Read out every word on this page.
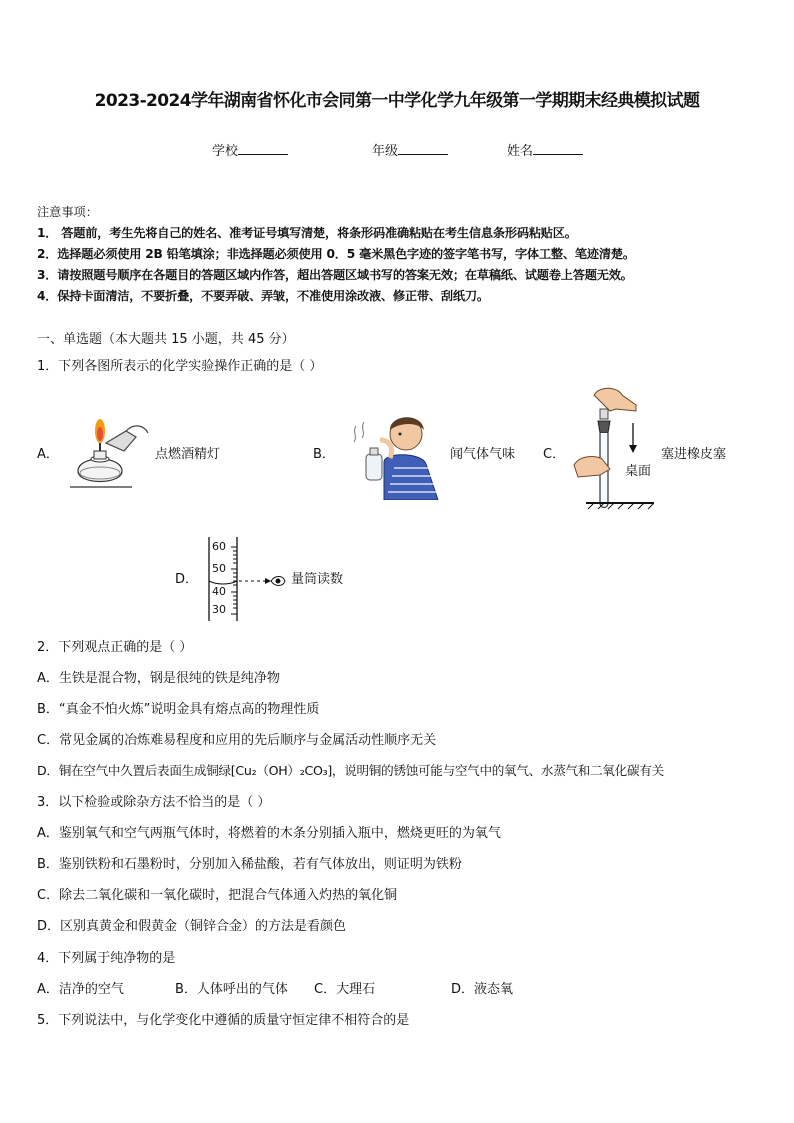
2023-2024学年湖南省怀化市会同第一中学化学九年级第一学期期末经典模拟试题
学校	年级	姓名
注意事项：
1． 答题前，考生先将自己的姓名、准考证号填写清楚，将条形码准确粘贴在考生信息条形码粘贴区。
2．选择题必须使用 2B 铅笔填涂；非选择题必须使用 0．5 毫米黑色字迹的签字笔书写，字体工整、笔迹清楚。
3．请按照题号顺序在各题目的答题区域内作答，超出答题区域书写的答案无效；在草稿纸、试题卷上答题无效。
4．保持卡面清洁，不要折叠，不要弄破、弄皱，不准使用涂改液、修正带、刮纸刀。
一、单选题（本大题共 15 小题，共 45 分）
1．下列各图所表示的化学实验操作正确的是（ ）
A．	点燃酒精灯	B．	闻气体气味 C．
桌面
塞进橡皮塞
D．
60
50
40
30
量筒读数
2．下列观点正确的是（ ）
A．生铁是混合物，钢是很纯的铁是纯净物
B．“真金不怕火炼”说明金具有熔点高的物理性质
C．常见金属的冶炼难易程度和应用的先后顺序与金属活动性顺序无关
D．铜在空气中久置后表面生成铜绿[Cu₂（OH）₂CO₃]，说明铜的锈蚀可能与空气中的氧气、水蒸气和二氧化碳有关
3．以下检验或除杂方法不恰当的是（ ）
A．鉴别氧气和空气两瓶气体时，将燃着的木条分别插入瓶中，燃烧更旺的为氧气
B．鉴别铁粉和石墨粉时，分别加入稀盐酸，若有气体放出，则证明为铁粉
C．除去二氧化碳和一氧化碳时，把混合气体通入灼热的氧化铜
D．区别真黄金和假黄金（铜锌合金）的方法是看颜色
4．下列属于纯净物的是
A．洁净的空气	B．人体呼出的气体 C．大理石	D．液态氧
5．下列说法中，与化学变化中遵循的质量守恒定律不相符合的是
